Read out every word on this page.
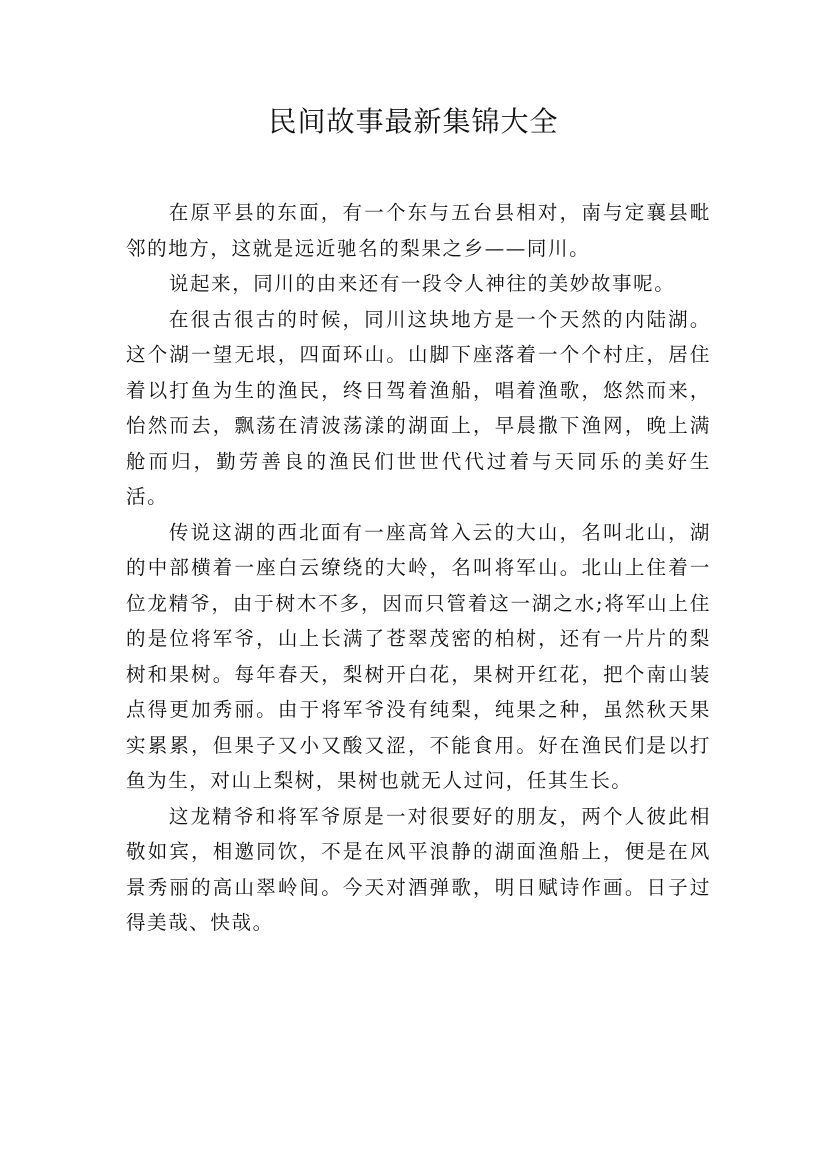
民间故事最新集锦大全

在原平县的东面，有一个东与五台县相对，南与定襄县毗邻的地方，这就是远近驰名的梨果之乡——同川。

说起来，同川的由来还有一段令人神往的美妙故事呢。

在很古很古的时候，同川这块地方是一个天然的内陆湖。这个湖一望无垠，四面环山。山脚下座落着一个个村庄，居住着以打鱼为生的渔民，终日驾着渔船，唱着渔歌，悠然而来，怡然而去，飘荡在清波荡漾的湖面上，早晨撒下渔网，晚上满舱而归，勤劳善良的渔民们世世代代过着与天同乐的美好生活。

传说这湖的西北面有一座高耸入云的大山，名叫北山，湖的中部横着一座白云缭绕的大岭，名叫将军山。北山上住着一位龙精爷，由于树木不多，因而只管着这一湖之水;将军山上住的是位将军爷，山上长满了苍翠茂密的柏树，还有一片片的梨树和果树。每年春天，梨树开白花，果树开红花，把个南山装点得更加秀丽。由于将军爷没有纯梨，纯果之种，虽然秋天果实累累，但果子又小又酸又涩，不能食用。好在渔民们是以打鱼为生，对山上梨树，果树也就无人过问，任其生长。

这龙精爷和将军爷原是一对很要好的朋友，两个人彼此相敬如宾，相邀同饮，不是在风平浪静的湖面渔船上，便是在风景秀丽的高山翠岭间。今天对酒弹歌，明日赋诗作画。日子过得美哉、快哉。
